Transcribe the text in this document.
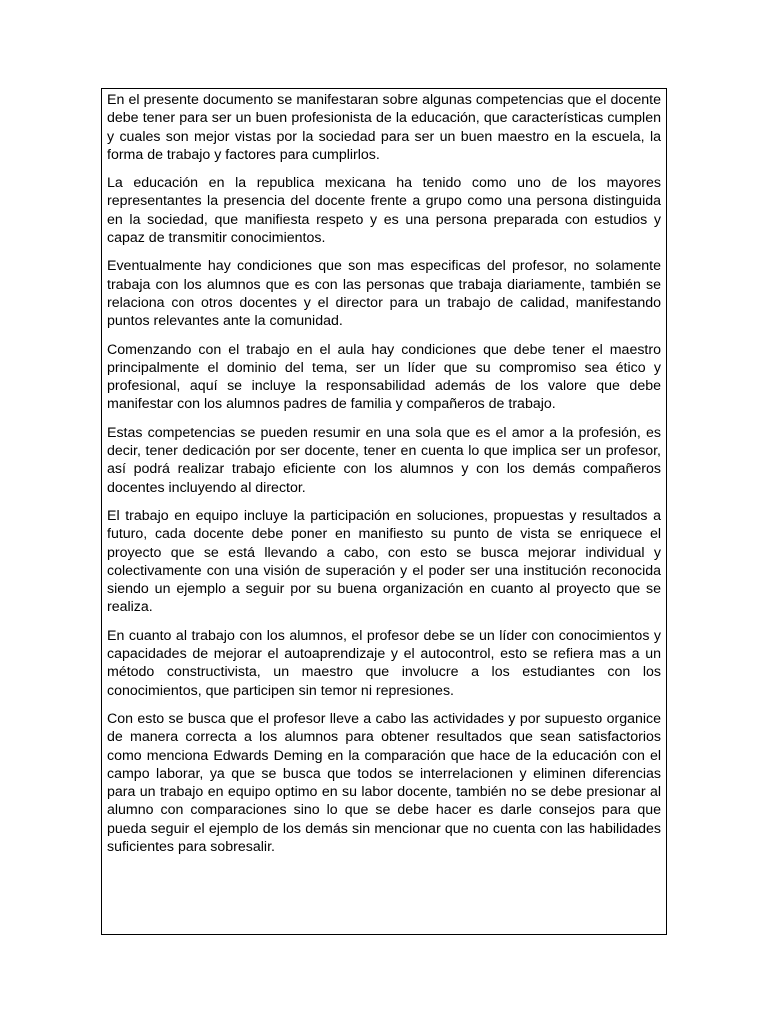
En el presente documento se manifestaran sobre algunas competencias que el docente debe tener para ser un buen profesionista de la educación, que características cumplen y cuales son mejor vistas por la sociedad para ser un buen maestro en la escuela, la forma de trabajo y factores para cumplirlos.

La educación en la republica mexicana ha tenido como uno de los mayores representantes la presencia del docente frente a grupo como una persona distinguida en la sociedad, que manifiesta respeto y es una persona preparada con estudios y capaz de transmitir conocimientos.

Eventualmente hay condiciones que son mas especificas del profesor, no solamente trabaja con los alumnos que es con las personas que trabaja diariamente, también se relaciona con otros docentes y el director para un trabajo de calidad, manifestando puntos relevantes ante la comunidad.

Comenzando con el trabajo en el aula hay condiciones que debe tener el maestro principalmente el dominio del tema, ser un líder que su compromiso sea ético y profesional, aquí se incluye la responsabilidad además de los valore que debe manifestar con los alumnos padres de familia y compañeros de trabajo.

Estas competencias se pueden resumir en una sola que es el amor a la profesión, es decir, tener dedicación por ser docente, tener en cuenta lo que implica ser un profesor, así podrá realizar trabajo eficiente con los alumnos y con los demás compañeros docentes incluyendo al director.

El trabajo en equipo incluye la participación en soluciones, propuestas y resultados a futuro, cada docente debe poner en manifiesto su punto de vista se enriquece el proyecto que se está llevando a cabo, con esto se busca mejorar individual y colectivamente con una visión de superación y el poder ser una institución reconocida siendo un ejemplo a seguir por su buena organización en cuanto al proyecto que se realiza.

En cuanto al trabajo con los alumnos, el profesor debe se un líder con conocimientos y capacidades de mejorar el autoaprendizaje y el autocontrol, esto se refiera mas a un método constructivista, un maestro que involucre a los estudiantes con los conocimientos, que participen sin temor ni represiones.

Con esto se busca que el profesor lleve a cabo las actividades y por supuesto organice de manera correcta a los alumnos para obtener resultados que sean satisfactorios como menciona Edwards Deming en la comparación que hace de la educación con el campo laborar, ya que se busca que todos se interrelacionen y eliminen diferencias para un trabajo en equipo optimo en su labor docente, también no se debe presionar al alumno con comparaciones sino lo que se debe hacer es darle consejos para que pueda seguir el ejemplo de los demás sin mencionar que no cuenta con las habilidades suficientes para sobresalir.
